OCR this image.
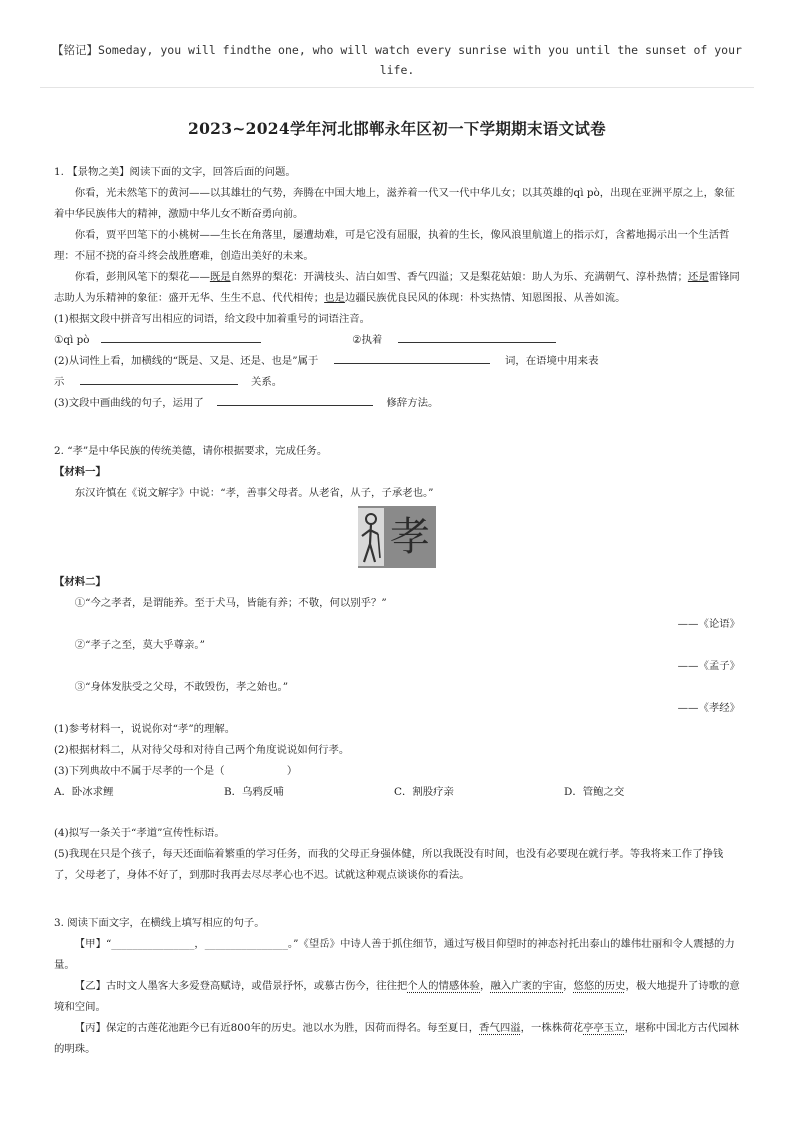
【铭记】Someday, you will findthe one, who will watch every sunrise with you until the sunset of your life.
2023~2024学年河北邯郸永年区初一下学期期末语文试卷

1. 【景物之美】阅读下面的文字，回答后面的问题。

你看，光未然笔下的黄河——以其雄壮的气势，奔腾在中国大地上，滋养着一代又一代中华儿女；以其英雄的qì pò，出现在亚洲平原之上，象征着中华民族伟大的精神，激励中华儿女不断奋勇向前。

你看，贾平凹笔下的小桃树——生长在角落里，屡遭劫难，可是它没有屈服，执着的生长，像风浪里航道上的指示灯，含蓄地揭示出一个生活哲理：不屈不挠的奋斗终会战胜磨难，创造出美好的未来。

你看，彭荆风笔下的梨花——既是自然界的梨花：开满枝头、洁白如雪、香气四溢；又是梨花姑娘：助人为乐、充满朝气、淳朴热情；还是雷锋同志助人为乐精神的象征：盛开无华、生生不息、代代相传；也是边疆民族优良民风的体现：朴实热情、知恩图报、从善如流。

(1)根据文段中拼音写出相应的词语，给文段中加着重号的词语注音。

①qì pò	②执着

(2)从词性上看，加横线的“既是、又是、还是、也是”属于	词，在语境中用来表

示	关系。

(3)文段中画曲线的句子，运用了	修辞方法。

2. “孝”是中华民族的传统美德，请你根据要求，完成任务。

【材料一】

东汉许慎在《说文解字》中说：“孝，善事父母者。从老省，从子，子承老也。”

孝

【材料二】

①“今之孝者，是谓能养。至于犬马，皆能有养；不敬，何以别乎？”

——《论语》

②“孝子之至，莫大乎尊亲。”

——《孟子》

③“身体发肤受之父母，不敢毁伤，孝之始也。”

——《孝经》

(1)参考材料一，说说你对“孝”的理解。

(2)根据材料二，从对待父母和对待自己两个角度说说如何行孝。

(3)下列典故中不属于尽孝的一个是（　　　　　　）

A．卧冰求鲤	B．乌鸦反哺	C．割股疗亲	D．管鲍之交

(4)拟写一条关于“孝道”宣传性标语。

(5)我现在只是个孩子，每天还面临着繁重的学习任务，而我的父母正身强体健，所以我既没有时间，也没有必要现在就行孝。等我将来工作了挣钱了，父母老了，身体不好了，到那时我再去尽尽孝心也不迟。试就这种观点谈谈你的看法。

3. 阅读下面文字，在横线上填写相应的句子。

【甲】“________________，________________。”《望岳》中诗人善于抓住细节，通过写极目仰望时的神态衬托出泰山的雄伟壮丽和令人震撼的力量。

【乙】古时文人墨客大多爱登高赋诗，或借景抒怀，或慕古伤今，往往把个人的情感体验，融入广袤的宇宙，悠悠的历史，极大地提升了诗歌的意境和空间。

【丙】保定的古莲花池距今已有近800年的历史。池以水为胜，因荷而得名。每至夏日，香气四溢，一株株荷花亭亭玉立，堪称中国北方古代园林的明珠。
